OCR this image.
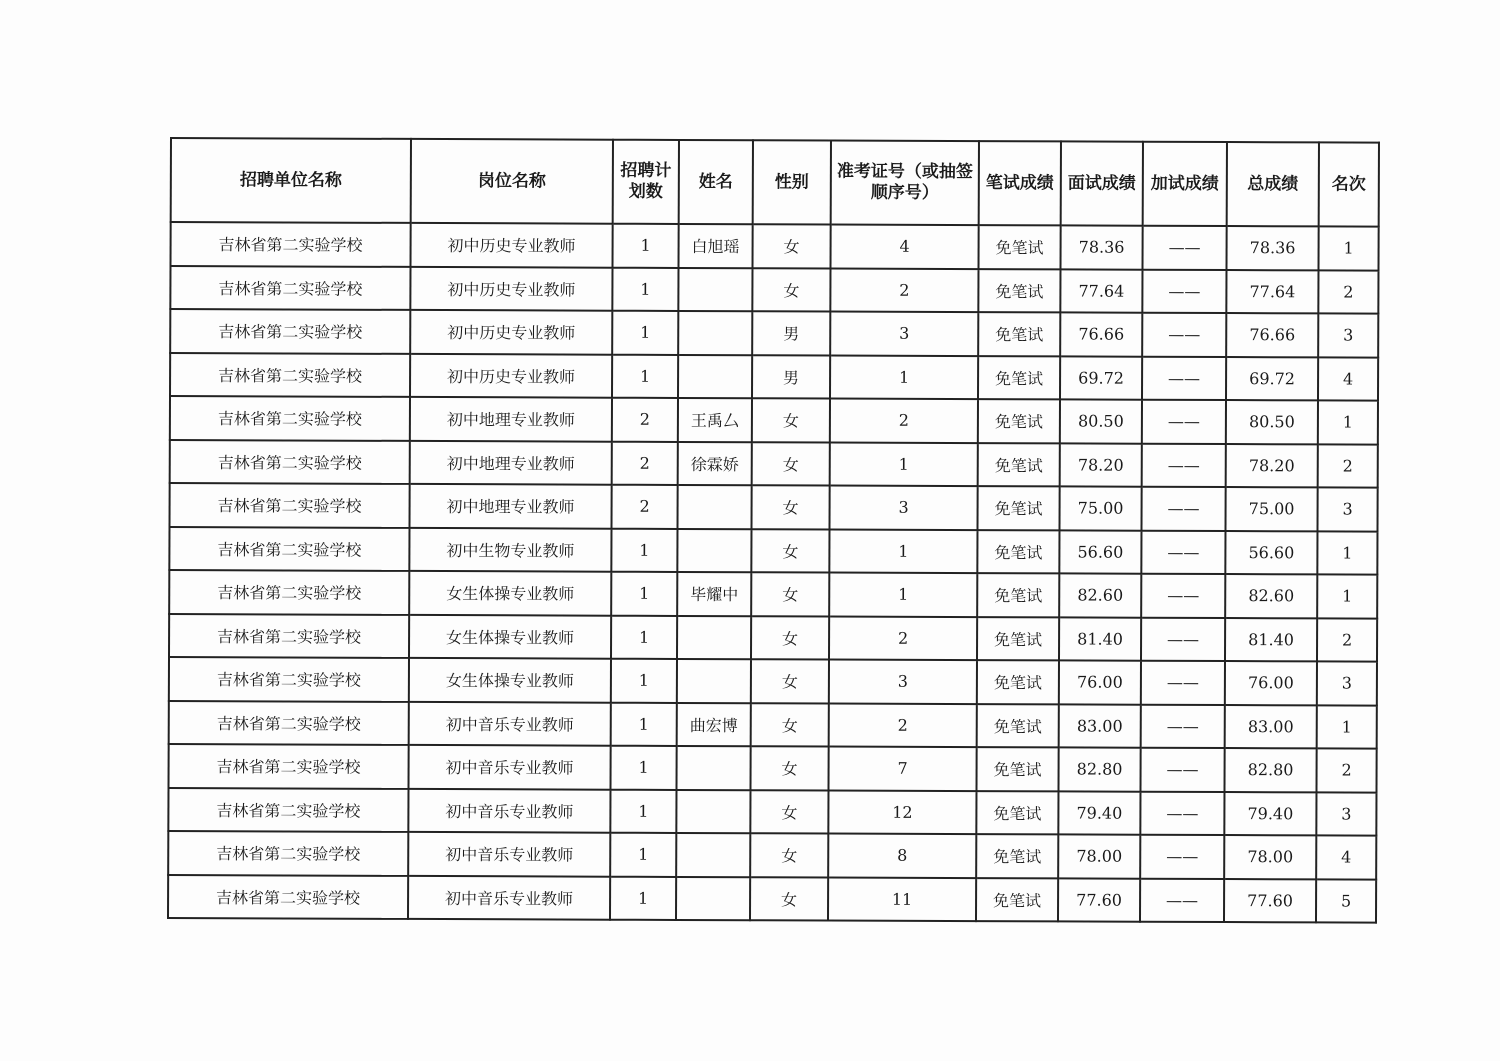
招聘单位名称	岗位名称	招聘计划数	姓名	性别	准考证号（或抽签顺序号）	笔试成绩	面试成绩	加试成绩	总成绩	名次
吉林省第二实验学校	初中历史专业教师	1	白旭瑶	女	4	免笔试	78.36	——	78.36	1
吉林省第二实验学校	初中历史专业教师	1		女	2	免笔试	77.64	——	77.64	2
吉林省第二实验学校	初中历史专业教师	1		男	3	免笔试	76.66	——	76.66	3
吉林省第二实验学校	初中历史专业教师	1		男	1	免笔试	69.72	——	69.72	4
吉林省第二实验学校	初中地理专业教师	2	王禹厶	女	2	免笔试	80.50	——	80.50	1
吉林省第二实验学校	初中地理专业教师	2	徐霖娇	女	1	免笔试	78.20	——	78.20	2
吉林省第二实验学校	初中地理专业教师	2		女	3	免笔试	75.00	——	75.00	3
吉林省第二实验学校	初中生物专业教师	1		女	1	免笔试	56.60	——	56.60	1
吉林省第二实验学校	女生体操专业教师	1	毕耀中	女	1	免笔试	82.60	——	82.60	1
吉林省第二实验学校	女生体操专业教师	1		女	2	免笔试	81.40	——	81.40	2
吉林省第二实验学校	女生体操专业教师	1		女	3	免笔试	76.00	——	76.00	3
吉林省第二实验学校	初中音乐专业教师	1	曲宏博	女	2	免笔试	83.00	——	83.00	1
吉林省第二实验学校	初中音乐专业教师	1		女	7	免笔试	82.80	——	82.80	2
吉林省第二实验学校	初中音乐专业教师	1		女	12	免笔试	79.40	——	79.40	3
吉林省第二实验学校	初中音乐专业教师	1		女	8	免笔试	78.00	——	78.00	4
吉林省第二实验学校	初中音乐专业教师	1		女	11	免笔试	77.60	——	77.60	5
